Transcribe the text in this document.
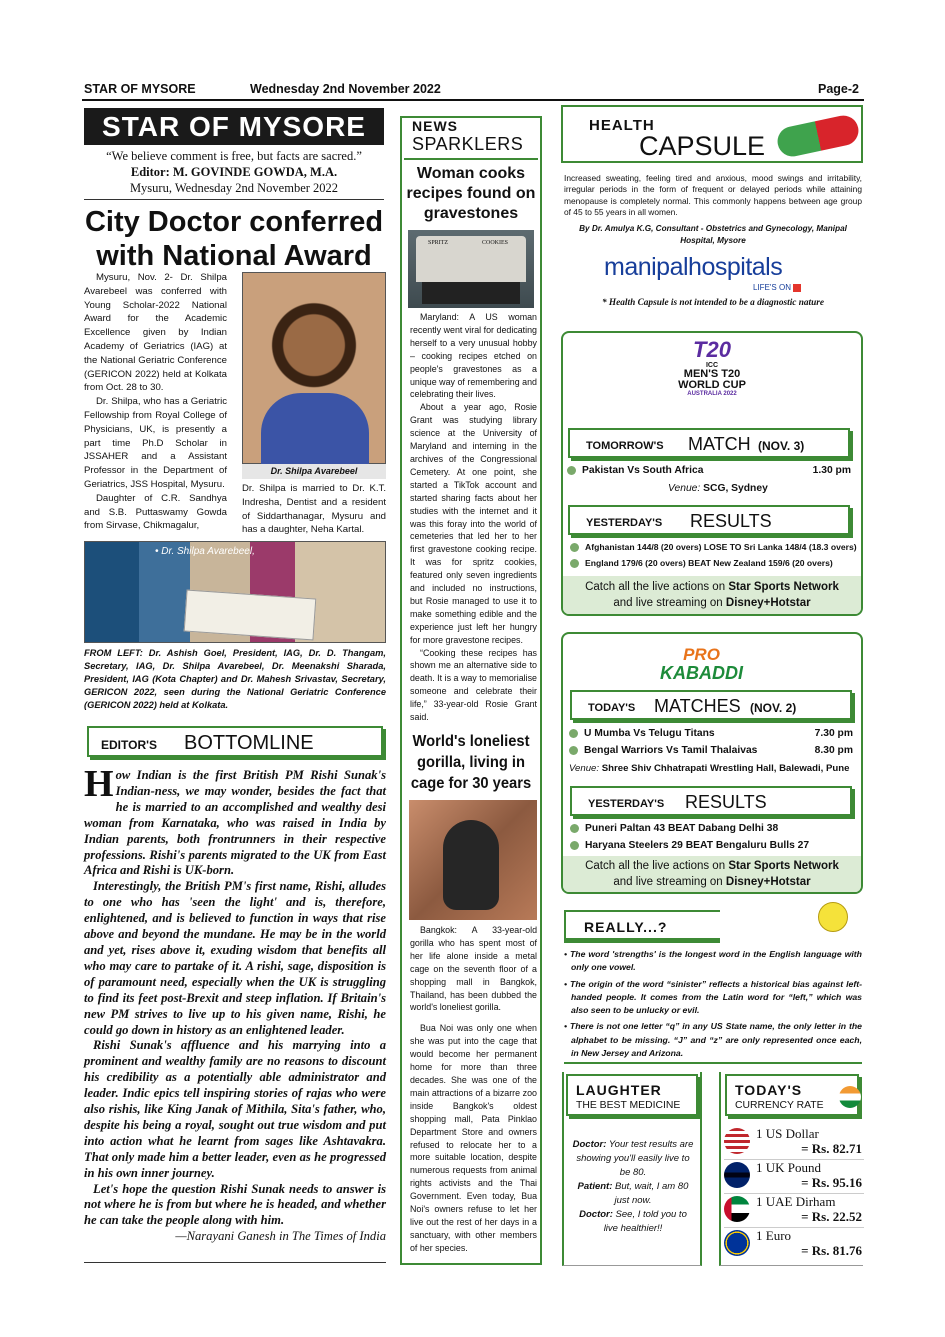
STAR OF MYSORE	Wednesday 2nd November 2022	Page-2
STAR OF MYSORE
“We believe comment is free, but facts are sacred.”
Editor: M. GOVINDE GOWDA, M.A.
Mysuru, Wednesday 2nd November 2022
City Doctor conferred with National Award

Mysuru, Nov. 2- Dr. Shilpa Avarebeel was conferred with Young Scholar-2022 National Award for the Academic Excellence given by Indian Academy of Geriatrics (IAG) at the National Geriatric Conference (GERICON 2022) held at Kolkata from Oct. 28 to 30.

Dr. Shilpa, who has a Geriatric Fellowship from Royal College of Physicians, UK, is presently a part time Ph.D Scholar in JSSAHER and a Assistant Professor in the Department of Geriatrics, JSS Hospital, Mysuru.

Daughter of C.R. Sandhya and S.B. Puttaswamy Gowda from Sirvase, Chikmagalur,

Dr. Shilpa Avarebeel
Dr. Shilpa is married to Dr. K.T. Indresha, Dentist and a resident of Siddarthanagar, Mysuru and has a daughter, Neha Kartal.
• Dr. Shilpa Avarebeel,
FROM LEFT: Dr. Ashish Goel, President, IAG, Dr. D. Thangam, Secretary, IAG, Dr. Shilpa Avarebeel, Dr. Meenakshi Sharada, President, IAG (Kota Chapter) and Dr. Mahesh Srivastav, Secretary, GERICON 2022, seen during the National Geriatric Conference (GERICON 2022) held at Kolkata.
EDITOR'S BOTTOMLINE

How Indian is the first British PM Rishi Sunak's Indian-ness, we may wonder, besides the fact that he is married to an accomplished and wealthy desi woman from Karnataka, who was raised in India by Indian parents, both frontrunners in their respective professions. Rishi's parents migrated to the UK from East Africa and Rishi is UK-born.

Interestingly, the British PM's first name, Rishi, alludes to one who has 'seen the light' and is, therefore, enlightened, and is believed to function in ways that rise above and beyond the mundane. He may be in the world and yet, rises above it, exuding wisdom that benefits all who may care to partake of it. A rishi, sage, disposition is of paramount need, especially when the UK is struggling to find its feet post-Brexit and steep inflation. If Britain's new PM strives to live up to his given name, Rishi, he could go down in history as an enlightened leader.

Rishi Sunak's affluence and his marrying into a prominent and wealthy family are no reasons to discount his credibility as a potentially able administrator and leader. Indic epics tell inspiring stories of rajas who were also rishis, like King Janak of Mithila, Sita's father, who, despite his being a royal, sought out true wisdom and put into action what he learnt from sages like Ashtavakra. That only made him a better leader, even as he progressed in his own inner journey.

Let's hope the question Rishi Sunak needs to answer is not where he is from but where he is headed, and whether he can take the people along with him.

—Narayani Ganesh in The Times of India

NEWS
SPARKLERS
Woman cooks recipes found on gravestones
SPRITZ	COOKIES

Maryland: A US woman recently went viral for dedicating herself to a very unusual hobby – cooking recipes etched on people's gravestones as a unique way of remembering and celebrating their lives.

About a year ago, Rosie Grant was studying library science at the University of Maryland and interning in the archives of the Congressional Cemetery. At one point, she started a TikTok account and started sharing facts about her studies with the internet and it was this foray into the world of cemeteries that led her to her first gravestone cooking recipe. It was for spritz cookies, featured only seven ingredients and included no instructions, but Rosie managed to use it to make something edible and the experience just left her hungry for more gravestone recipes.

“Cooking these recipes has shown me an alternative side to death. It is a way to memorialise someone and celebrate their life,” 33-year-old Rosie Grant said.

World's loneliest gorilla, living in cage for 30 years

Bangkok: A 33-year-old gorilla who has spent most of her life alone inside a metal cage on the seventh floor of a shopping mall in Bangkok, Thailand, has been dubbed the world's loneliest gorilla.

Bua Noi was only one when she was put into the cage that would become her permanent home for more than three decades. She was one of the main attractions of a bizarre zoo inside Bangkok's oldest shopping mall, Pata Pinklao Department Store and owners refused to relocate her to a more suitable location, despite numerous requests from animal rights activists and the Thai Government. Even today, Bua Noi's owners refuse to let her live out the rest of her days in a sanctuary, with other members of her species.

HEALTH
CAPSULE
Increased sweating, feeling tired and anxious, mood swings and irritability, irregular periods in the form of frequent or delayed periods while attaining menopause is completely normal. This commonly happens between age group of 45 to 55 years in all women.
By Dr. Amulya K.G, Consultant - Obstetrics and Gynecology, Manipal Hospital, Mysore
manipalhospitals
LIFE'S ON
* Health Capsule is not intended to be a diagnostic nature
T20
ICC
MEN'S T20
WORLD CUP
AUSTRALIA 2022
TOMORROW'S MATCH (NOV. 3)
Pakistan Vs South Africa	1.30 pm
Venue: SCG, Sydney
YESTERDAY'S RESULTS
Afghanistan 144/8 (20 overs) LOSE TO Sri Lanka 148/4 (18.3 overs)
England 179/6 (20 overs) BEAT New Zealand 159/6 (20 overs)
Catch all the live actions on Star Sports Network
and live streaming on Disney+Hotstar
PRO
KABADDI
TODAY'S MATCHES (NOV. 2)
U Mumba Vs Telugu Titans	7.30 pm
Bengal Warriors Vs Tamil Thalaivas	8.30 pm
Venue: Shree Shiv Chhatrapati Wrestling Hall, Balewadi, Pune
YESTERDAY'S RESULTS
Puneri Paltan 43 BEAT Dabang Delhi 38
Haryana Steelers 29 BEAT Bengaluru Bulls 27
Catch all the live actions on Star Sports Network
and live streaming on Disney+Hotstar
REALLY...?
• The word 'strengths' is the longest word in the English language with only one vowel.
• The origin of the word “sinister” reflects a historical bias against left-handed people. It comes from the Latin word for “left,” which was also seen to be unlucky or evil.
• There is not one letter “q” in any US State name, the only letter in the alphabet to be missing. “J” and “z” are only represented once each, in New Jersey and Arizona.
LAUGHTER
THE BEST MEDICINE
Doctor: Your test results are showing you'll easily live to be 80.
Patient: But, wait, I am 80 just now.
Doctor: See, I told you to live healthier!!
TODAY'S
CURRENCY RATE
1 US Dollar
= Rs. 82.71
1 UK Pound
= Rs. 95.16
1 UAE Dirham
= Rs. 22.52
1 Euro
= Rs. 81.76
